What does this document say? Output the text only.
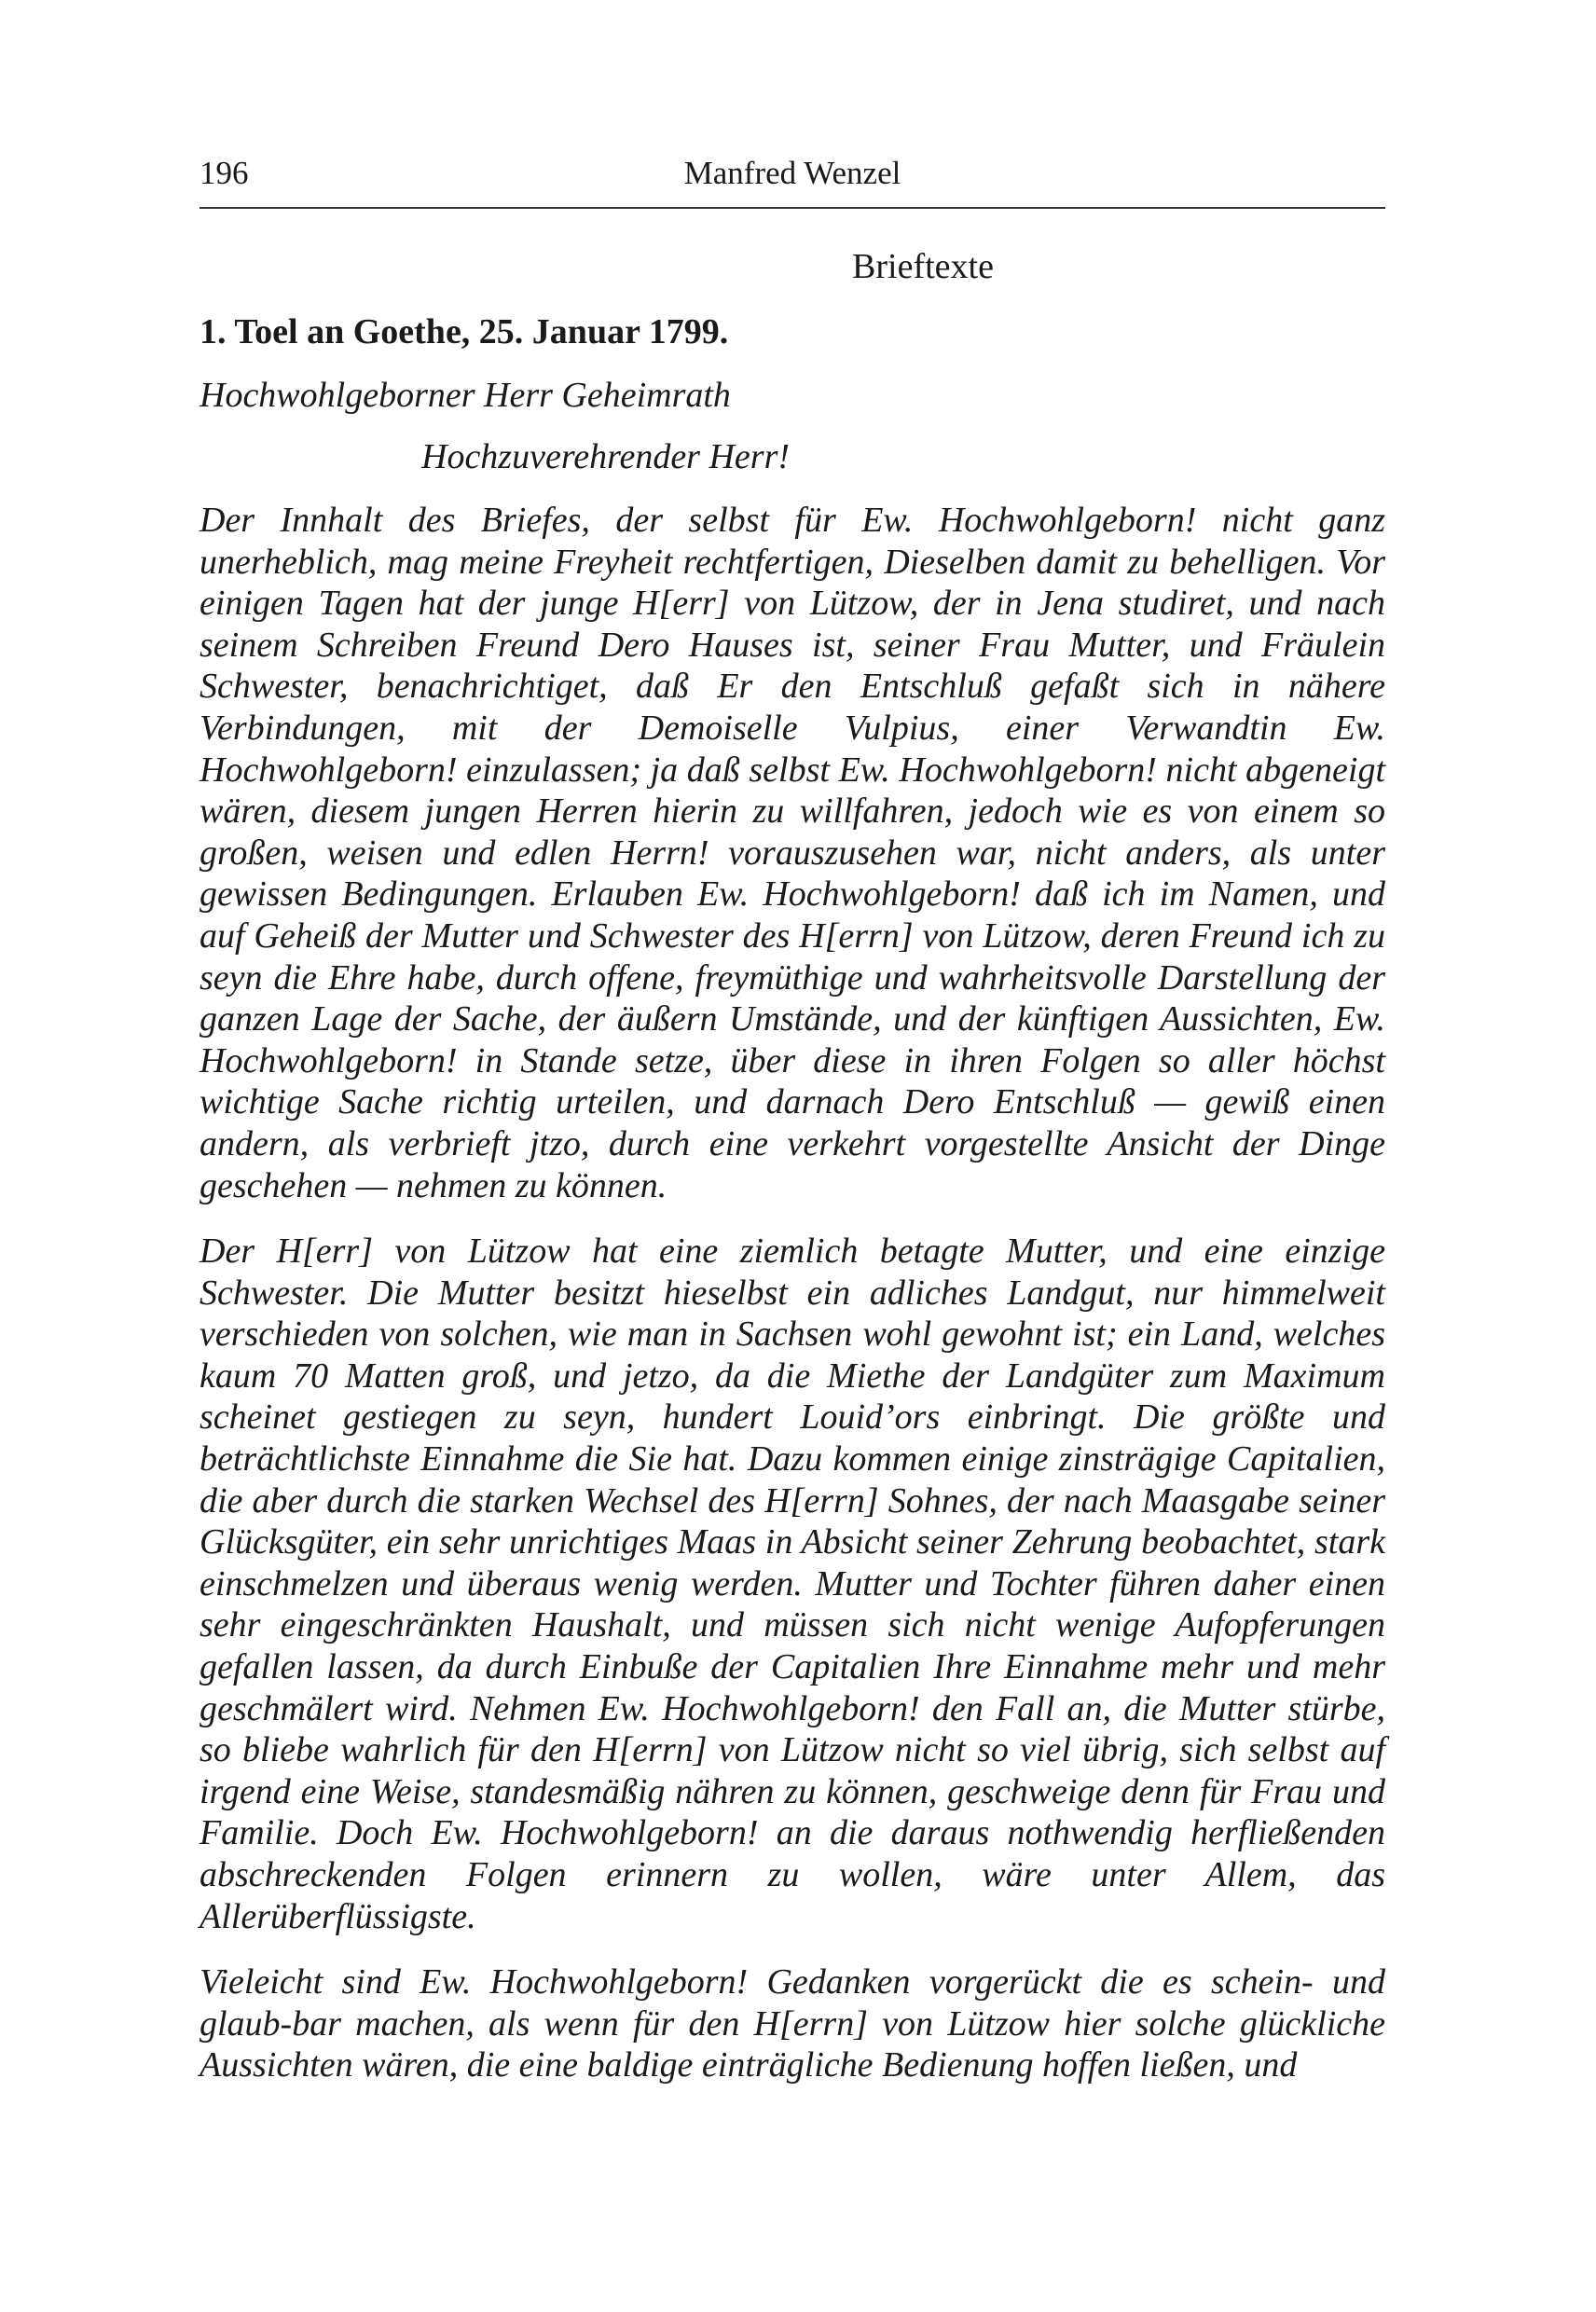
196	Manfred Wenzel
Brieftexte
1. Toel an Goethe, 25. Januar 1799.
Hochwohlgeborner Herr Geheimrath
Hochzuverehrender Herr!

Der Innhalt des Briefes, der selbst für Ew. Hochwohlgeborn! nicht ganz unerheblich, mag meine Freyheit rechtfertigen, Dieselben damit zu behelligen. Vor einigen Tagen hat der junge H[err] von Lützow, der in Jena studiret, und nach seinem Schreiben Freund Dero Hauses ist, seiner Frau Mutter, und Fräulein Schwester, benachrichtiget, daß Er den Entschluß gefaßt sich in nähere Verbindungen, mit der Demoiselle Vulpius, einer Verwandtin Ew. Hochwohlgeborn! einzulassen; ja daß selbst Ew. Hochwohlgeborn! nicht abgeneigt wären, diesem jungen Herren hierin zu willfahren, jedoch wie es von einem so großen, weisen und edlen Herrn! vorauszusehen war, nicht anders, als unter gewissen Bedingungen. Erlauben Ew. Hochwohlgeborn! daß ich im Namen, und auf Geheiß der Mutter und Schwester des H[errn] von Lützow, deren Freund ich zu seyn die Ehre habe, durch offene, freymüthige und wahrheitsvolle Darstellung der ganzen Lage der Sache, der äußern Umstände, und der künftigen Aussichten, Ew. Hochwohlgeborn! in Stande setze, über diese in ihren Folgen so aller höchst wichtige Sache richtig urteilen, und darnach Dero Entschluß — gewiß einen andern, als verbrieft jtzo, durch eine verkehrt vorgestellte Ansicht der Dinge geschehen — nehmen zu können.

Der H[err] von Lützow hat eine ziemlich betagte Mutter, und eine einzige Schwester. Die Mutter besitzt hieselbst ein adliches Landgut, nur himmelweit verschieden von solchen, wie man in Sachsen wohl gewohnt ist; ein Land, welches kaum 70 Matten groß, und jetzo, da die Miethe der Landgüter zum Maximum scheinet gestiegen zu seyn, hundert Louid’ors einbringt. Die größte und beträchtlichste Einnahme die Sie hat. Dazu kommen einige zinsträgige Capitalien, die aber durch die starken Wechsel des H[errn] Sohnes, der nach Maasgabe seiner Glücksgüter, ein sehr unrichtiges Maas in Absicht seiner Zehrung beobachtet, stark einschmelzen und überaus wenig werden. Mutter und Tochter führen daher einen sehr eingeschränkten Haushalt, und müssen sich nicht wenige Aufopferungen gefallen lassen, da durch Einbuße der Capitalien Ihre Einnahme mehr und mehr geschmälert wird. Nehmen Ew. Hochwohlgeborn! den Fall an, die Mutter stürbe, so bliebe wahrlich für den H[errn] von Lützow nicht so viel übrig, sich selbst auf irgend eine Weise, standesmäßig nähren zu können, geschweige denn für Frau und Familie. Doch Ew. Hochwohlgeborn! an die daraus nothwendig herfließenden abschreckenden Folgen erinnern zu wollen, wäre unter Allem, das Allerüberflüssigste.

Vieleicht sind Ew. Hochwohlgeborn! Gedanken vorgerückt die es schein- und glaub-bar machen, als wenn für den H[errn] von Lützow hier solche glückliche Aussichten wären, die eine baldige einträgliche Bedienung hoffen ließen, und
